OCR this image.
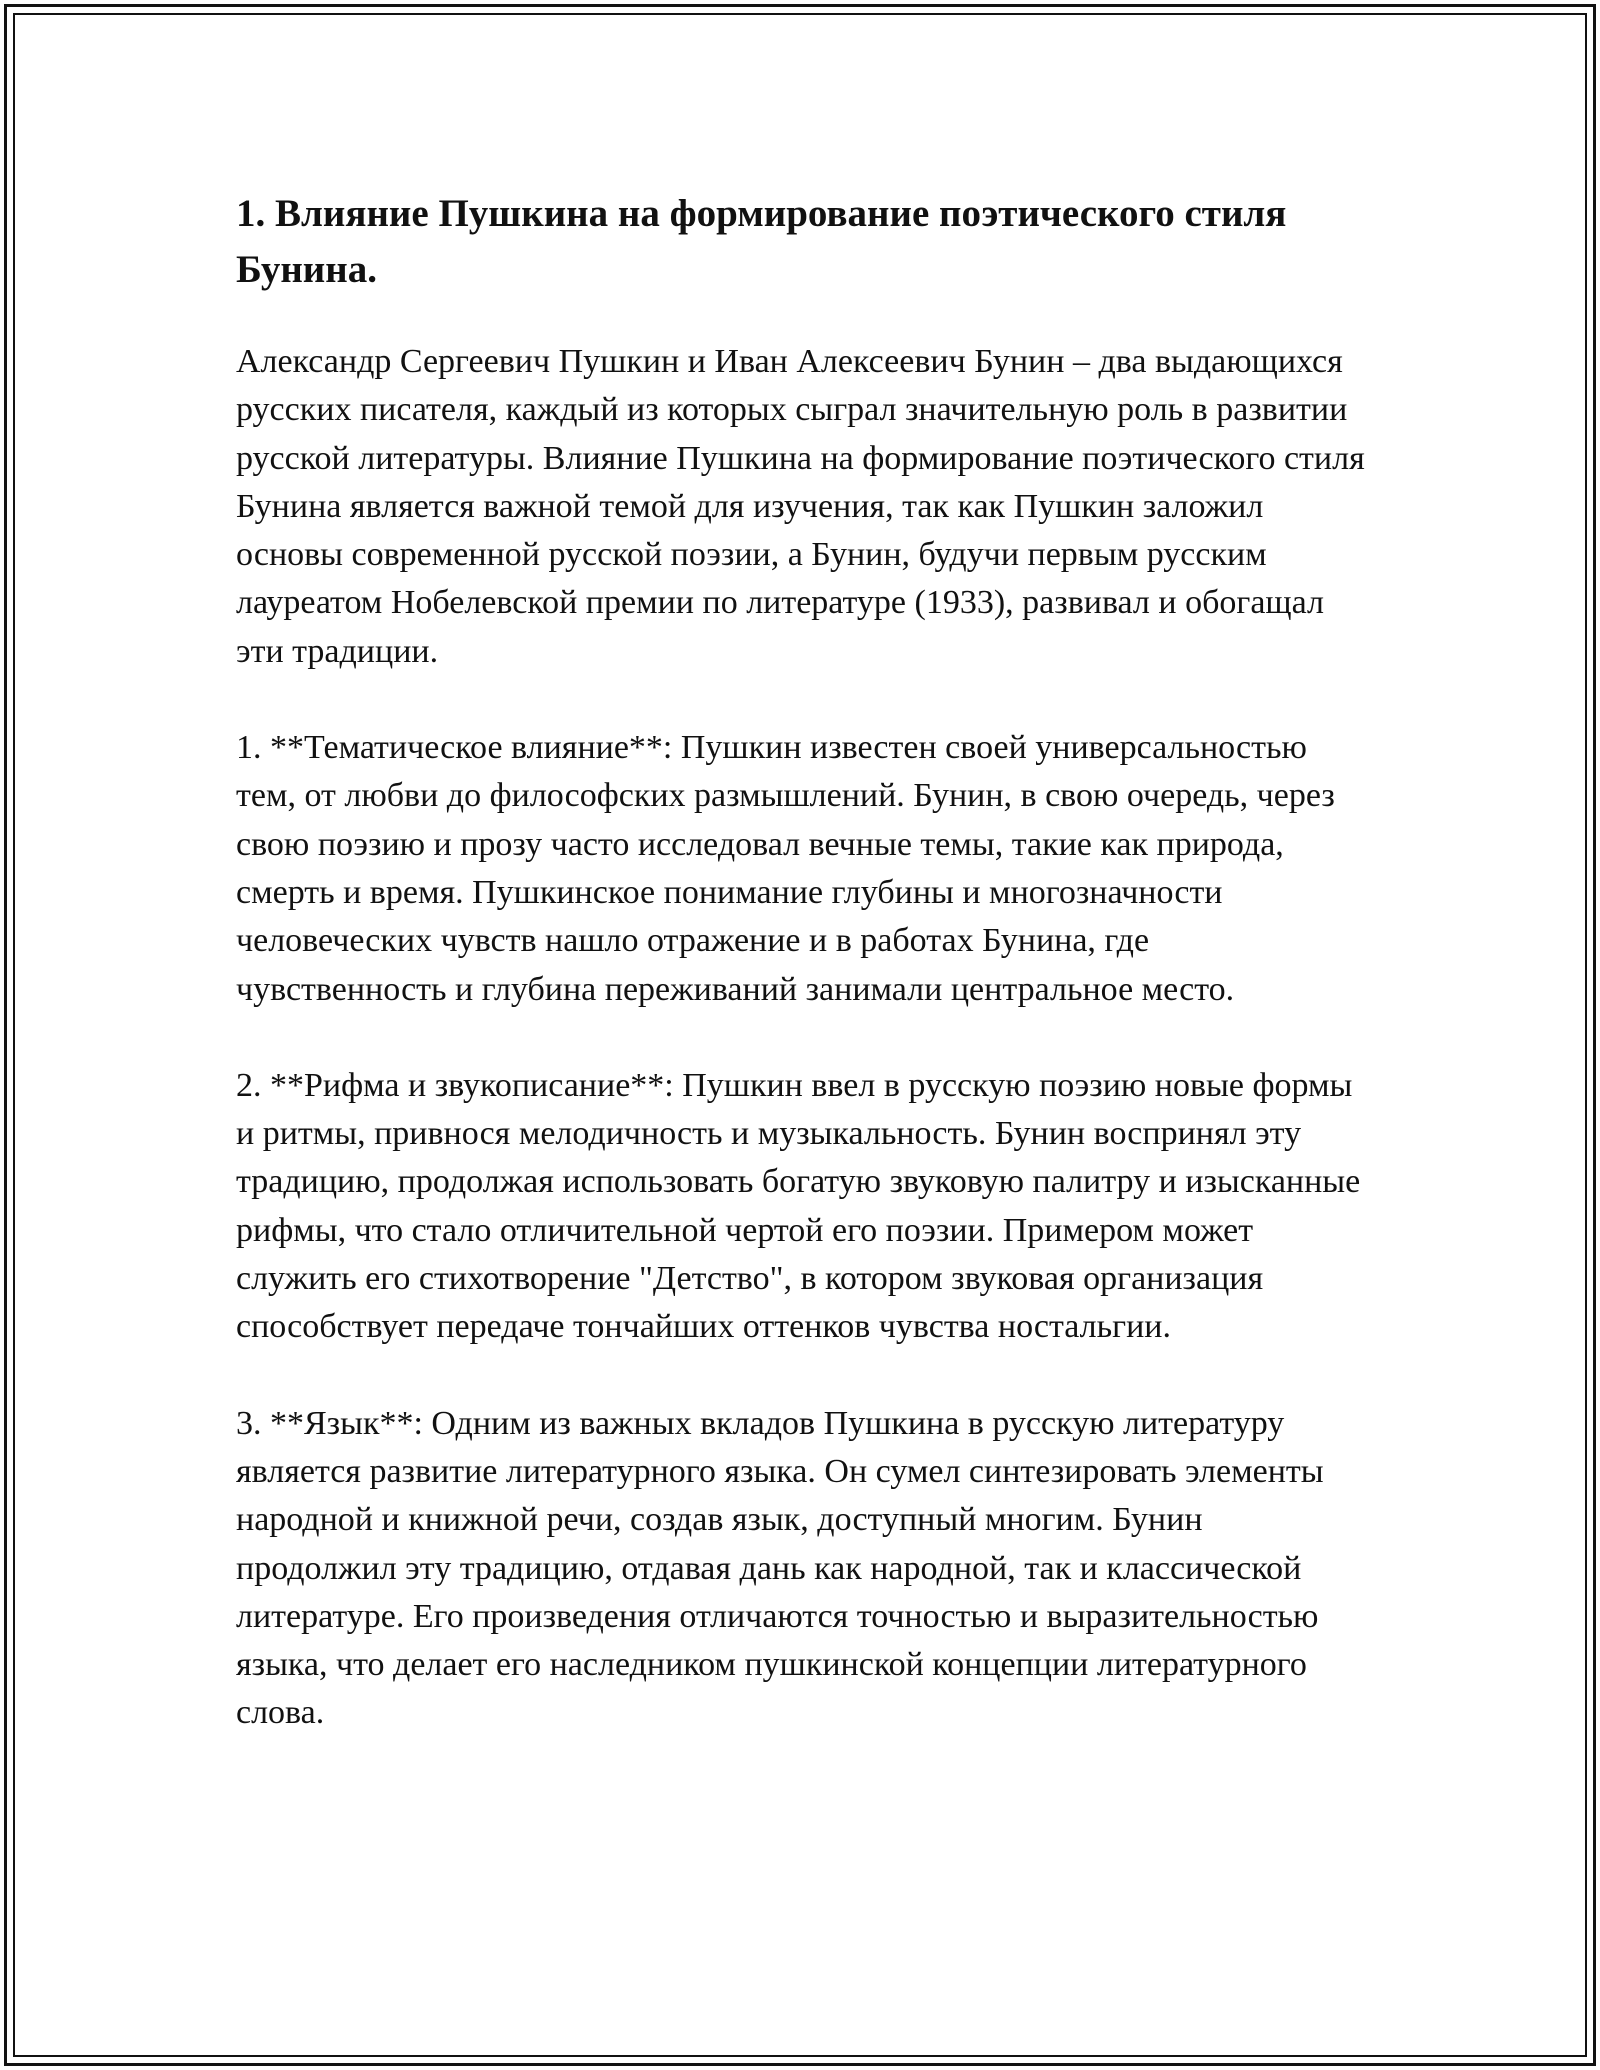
1. Влияние Пушкина на формирование поэтического стиля Бунина.

Александр Сергеевич Пушкин и Иван Алексеевич Бунин – два выдающихся русских писателя, каждый из которых сыграл значительную роль в развитии русской литературы. Влияние Пушкина на формирование поэтического стиля Бунина является важной темой для изучения, так как Пушкин заложил основы современной русской поэзии, а Бунин, будучи первым русским лауреатом Нобелевской премии по литературе (1933), развивал и обогащал эти традиции.

1. **Тематическое влияние**: Пушкин известен своей универсальностью тем, от любви до философских размышлений. Бунин, в свою очередь, через свою поэзию и прозу часто исследовал вечные темы, такие как природа, смерть и время. Пушкинское понимание глубины и многозначности человеческих чувств нашло отражение и в работах Бунина, где чувственность и глубина переживаний занимали центральное место.

2. **Рифма и звукописание**: Пушкин ввел в русскую поэзию новые формы и ритмы, привнося мелодичность и музыкальность. Бунин воспринял эту традицию, продолжая использовать богатую звуковую палитру и изысканные рифмы, что стало отличительной чертой его поэзии. Примером может служить его стихотворение "Детство", в котором звуковая организация способствует передаче тончайших оттенков чувства ностальгии.

3. **Язык**: Одним из важных вкладов Пушкина в русскую литературу является развитие литературного языка. Он сумел синтезировать элементы народной и книжной речи, создав язык, доступный многим. Бунин продолжил эту традицию, отдавая дань как народной, так и классической литературе. Его произведения отличаются точностью и выразительностью языка, что делает его наследником пушкинской концепции литературного слова.
